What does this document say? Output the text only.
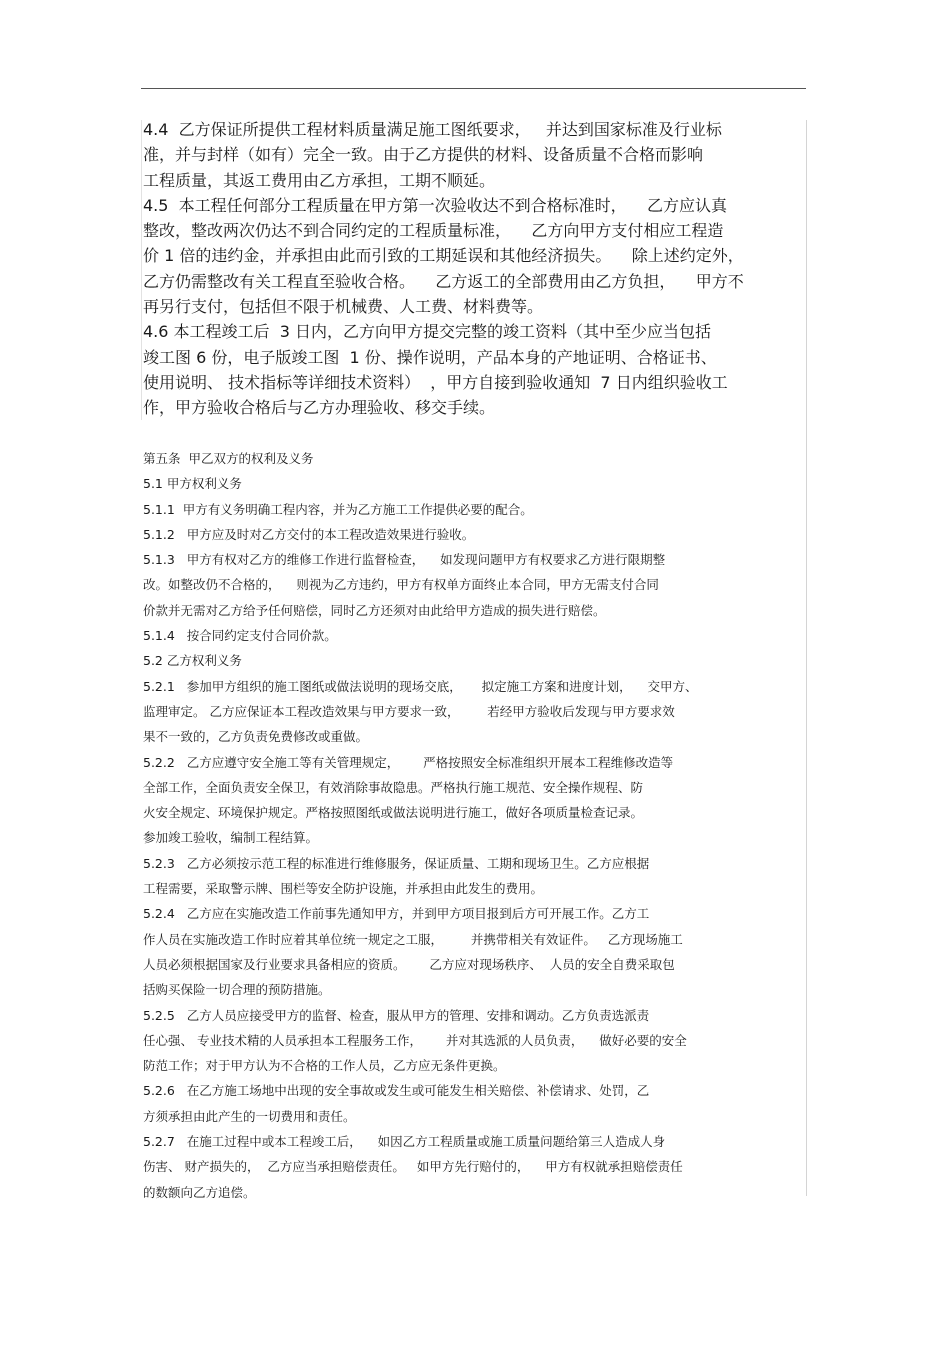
4.4  乙方保证所提供工程材料质量满足施工图纸要求，   并达到国家标准及行业标
准，并与封样（如有）完全一致。由于乙方提供的材料、设备质量不合格而影响
工程质量，其返工费用由乙方承担，工期不顺延。
4.5  本工程任何部分工程质量在甲方第一次验收达不到合格标准时，    乙方应认真
整改，整改两次仍达不到合同约定的工程质量标准，    乙方向甲方支付相应工程造
价 1 倍的违约金，并承担由此而引致的工期延误和其他经济损失。    除上述约定外，
乙方仍需整改有关工程直至验收合格。    乙方返工的全部费用由乙方负担，    甲方不
再另行支付，包括但不限于机械费、人工费、材料费等。
4.6 本工程竣工后  3 日内，乙方向甲方提交完整的竣工资料（其中至少应当包括
竣工图 6 份，电子版竣工图  1 份、操作说明，产品本身的产地证明、合格证书、
使用说明、 技术指标等详细技术资料）  ，甲方自接到验收通知  7 日内组织验收工
作，甲方验收合格后与乙方办理验收、移交手续。
第五条  甲乙双方的权利及义务
5.1 甲方权利义务
5.1.1  甲方有义务明确工程内容，并为乙方施工工作提供必要的配合。
5.1.2   甲方应及时对乙方交付的本工程改造效果进行验收。
5.1.3   甲方有权对乙方的维修工作进行监督检查，    如发现问题甲方有权要求乙方进行限期整
改。如整改仍不合格的，    则视为乙方违约，甲方有权单方面终止本合同，甲方无需支付合同
价款并无需对乙方给予任何赔偿，同时乙方还须对由此给甲方造成的损失进行赔偿。
5.1.4   按合同约定支付合同价款。
5.2 乙方权利义务
5.2.1   参加甲方组织的施工图纸或做法说明的现场交底，     拟定施工方案和进度计划，    交甲方、
监理审定。 乙方应保证本工程改造效果与甲方要求一致，       若经甲方验收后发现与甲方要求效
果不一致的，乙方负责免费修改或重做。
5.2.2   乙方应遵守安全施工等有关管理规定，      严格按照安全标准组织开展本工程维修改造等
全部工作，全面负责安全保卫，有效消除事故隐患。严格执行施工规范、安全操作规程、防
火安全规定、环境保护规定。严格按照图纸或做法说明进行施工，做好各项质量检查记录。
参加竣工验收，编制工程结算。
5.2.3   乙方必须按示范工程的标准进行维修服务，保证质量、工期和现场卫生。乙方应根据
工程需要，采取警示牌、围栏等安全防护设施，并承担由此发生的费用。
5.2.4   乙方应在实施改造工作前事先通知甲方，并到甲方项目报到后方可开展工作。乙方工
作人员在实施改造工作时应着其单位统一规定之工服，       并携带相关有效证件。   乙方现场施工
人员必须根据国家及行业要求具备相应的资质。      乙方应对现场秩序、  人员的安全自费采取包
括购买保险一切合理的预防措施。
5.2.5   乙方人员应接受甲方的监督、检查，服从甲方的管理、安排和调动。乙方负责选派责
任心强、 专业技术精的人员承担本工程服务工作，      并对其选派的人员负责，    做好必要的安全
防范工作；对于甲方认为不合格的工作人员，乙方应无条件更换。
5.2.6   在乙方施工场地中出现的安全事故或发生或可能发生相关赔偿、补偿请求、处罚，乙
方须承担由此产生的一切费用和责任。
5.2.7   在施工过程中或本工程竣工后，    如因乙方工程质量或施工质量问题给第三人造成人身
伤害、 财产损失的，  乙方应当承担赔偿责任。   如甲方先行赔付的，    甲方有权就承担赔偿责任
的数额向乙方追偿。
